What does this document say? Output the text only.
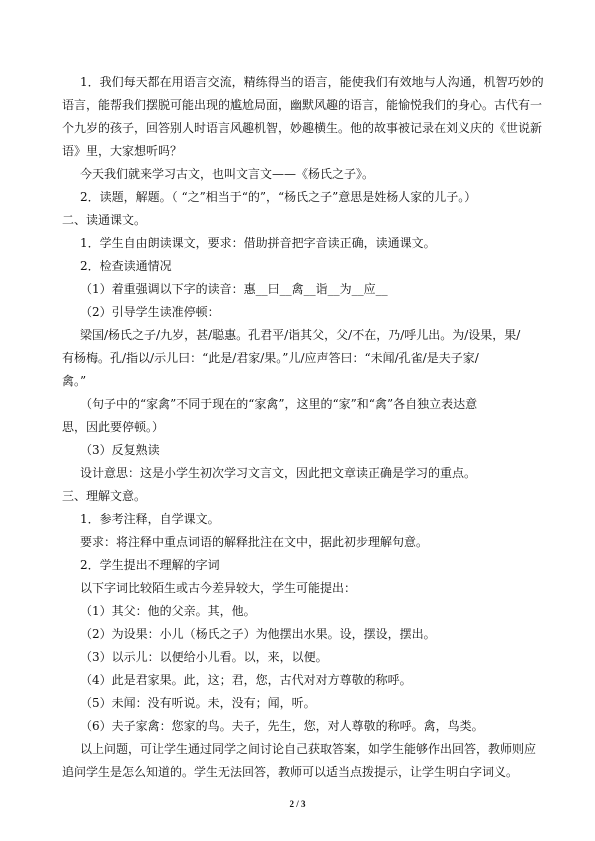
1．我们每天都在用语言交流，精练得当的语言，能使我们有效地与人沟通，机智巧妙的
语言，能帮我们摆脱可能出现的尴尬局面，幽默风趣的语言，能愉悦我们的身心。古代有一
个九岁的孩子，回答别人时语言风趣机智，妙趣横生。他的故事被记录在刘义庆的《世说新
语》里，大家想听吗？
今天我们就来学习古文，也叫文言文——《杨氏之子》。
2．读题，解题。（ “之”相当于“的”，“杨氏之子”意思是姓杨人家的儿子。）
二、读通课文。
1．学生自由朗读课文，要求：借助拼音把字音读正确，读通课文。
2．检查读通情况
（1）着重强调以下字的读音：惠__曰__禽__诣__为__应__
（2）引导学生读准停顿：
梁国/杨氏之子/九岁，甚/聪惠。孔君平/诣其父，父/不在，乃/呼儿出。为/设果，果/
有杨梅。孔/指以/示儿曰：“此是/君家/果。”儿/应声答曰：“未闻/孔雀/是夫子家/
禽。”
（句子中的“家禽”不同于现在的“家禽”，这里的“家”和“禽”各自独立表达意
思，因此要停顿。）
（3）反复熟读
设计意思：这是小学生初次学习文言文，因此把文章读正确是学习的重点。
三、理解文意。
1．参考注释，自学课文。
要求：将注释中重点词语的解释批注在文中，据此初步理解句意。
2．学生提出不理解的字词
以下字词比较陌生或古今差异较大，学生可能提出：
（1）其父：他的父亲。其，他。
（2）为设果：小儿（杨氏之子）为他摆出水果。设，摆设，摆出。
（3）以示儿：以便给小儿看。以，来，以便。
（4）此是君家果。此，这；君，您，古代对对方尊敬的称呼。
（5）未闻：没有听说。未，没有；闻，听。
（6）夫子家禽：您家的鸟。夫子，先生，您，对人尊敬的称呼。禽，鸟类。
以上问题，可让学生通过同学之间讨论自己获取答案，如学生能够作出回答，教师则应
追问学生是怎么知道的。学生无法回答，教师可以适当点拨提示，让学生明白字词义。
2 / 3
